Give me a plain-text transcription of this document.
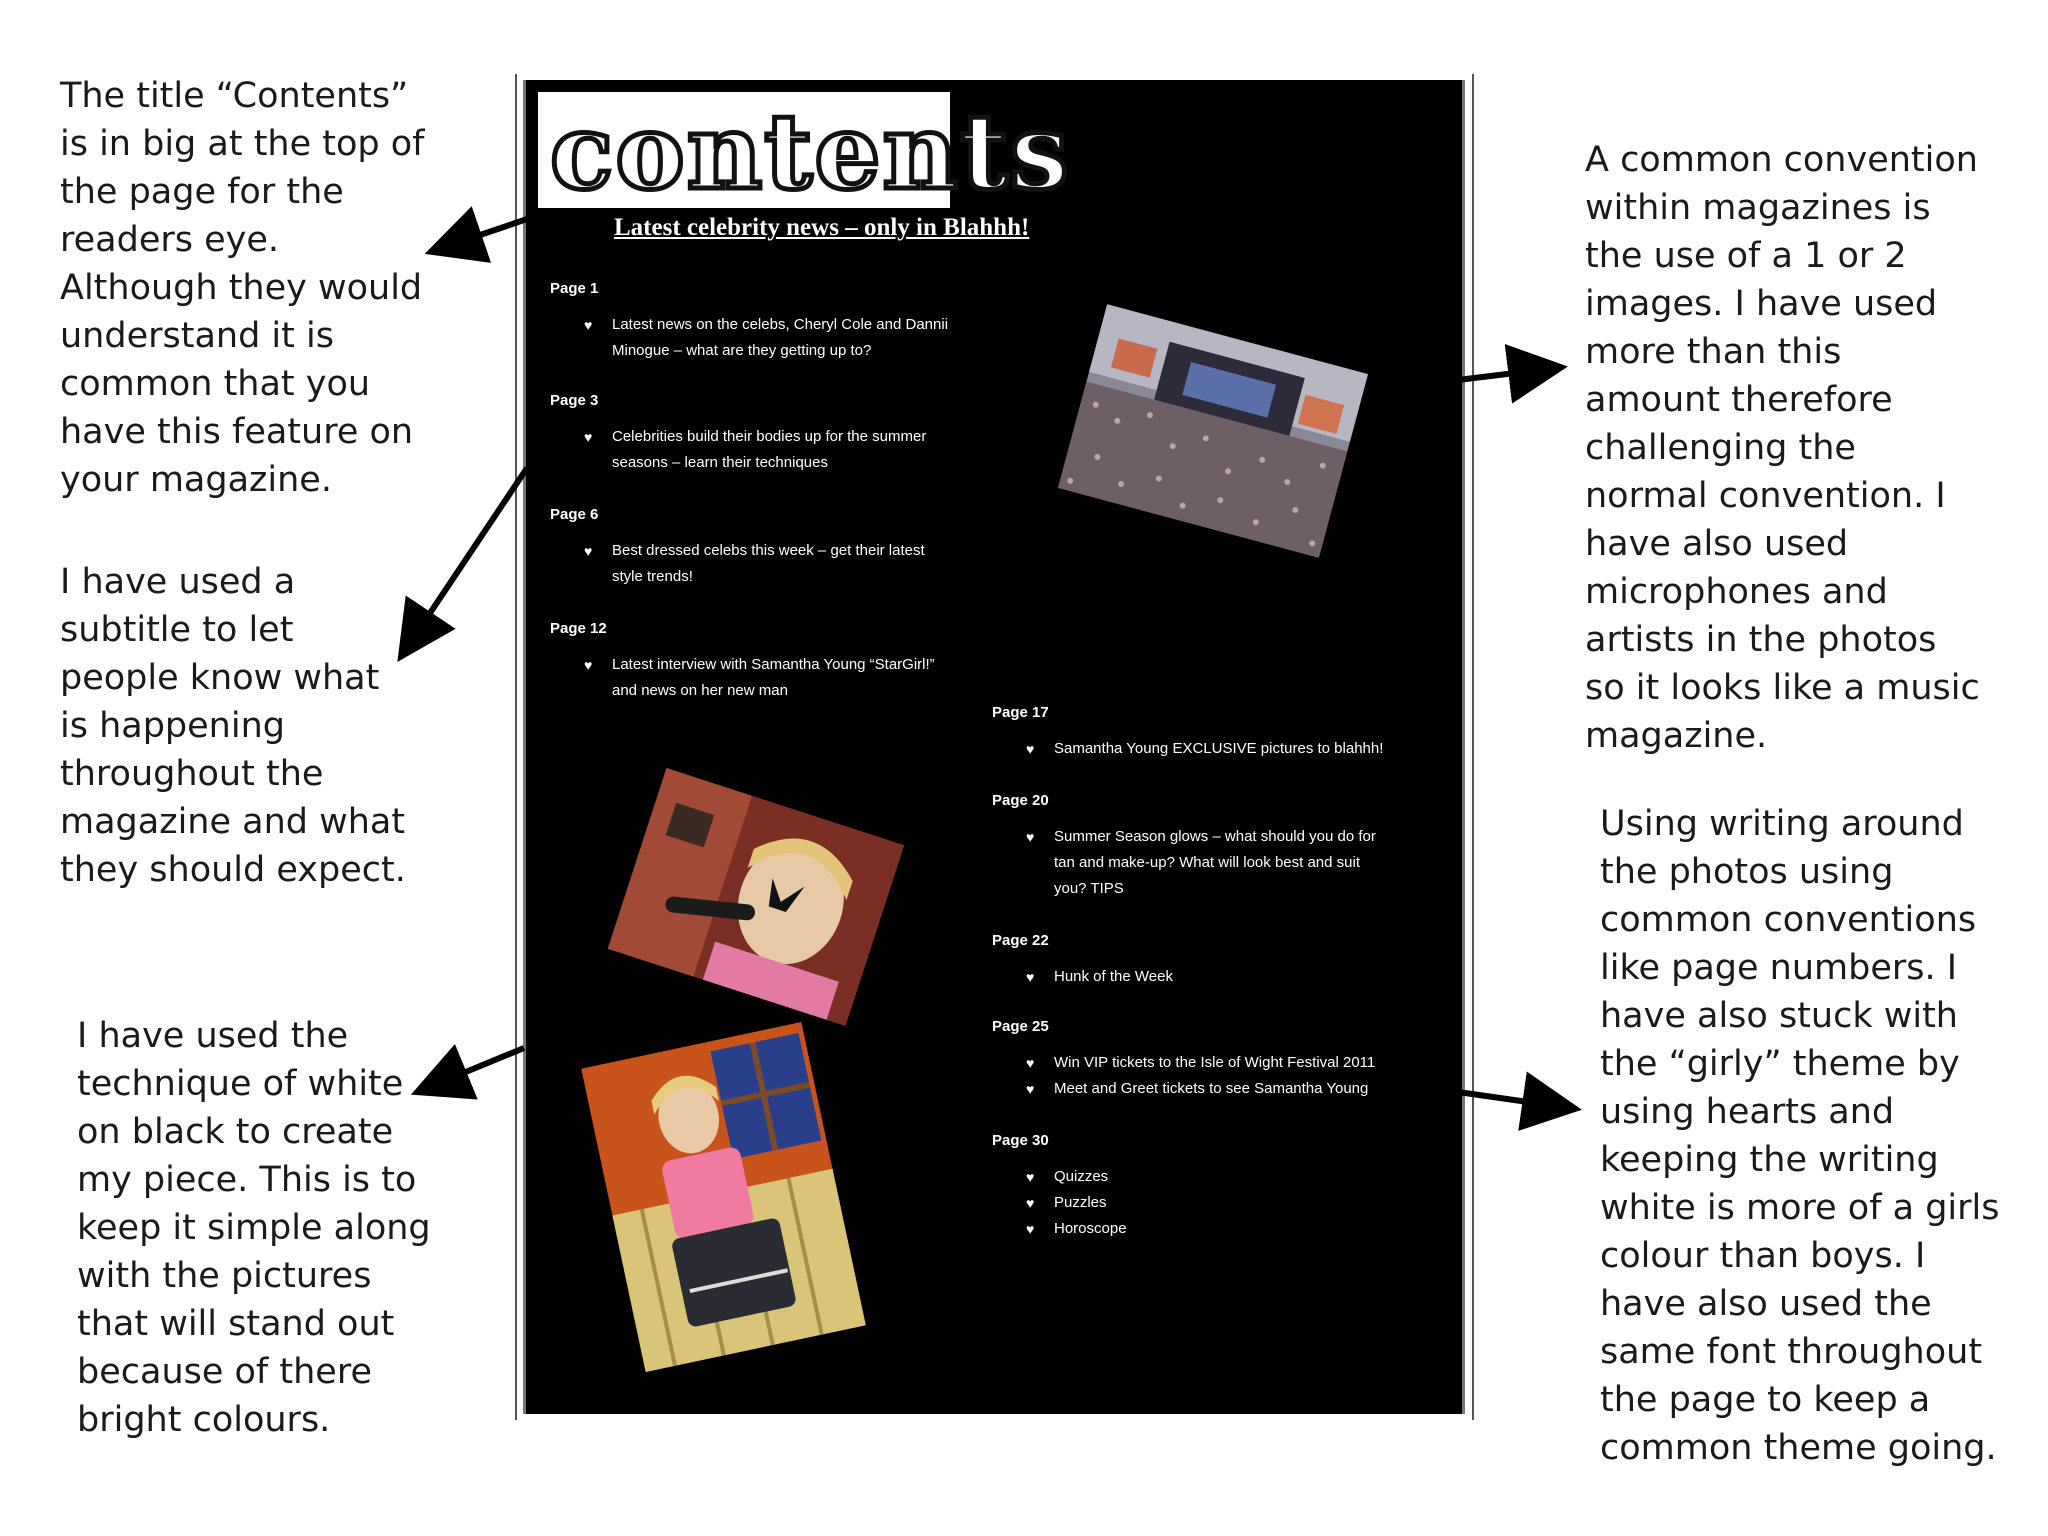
The title “Contents” is in big at the top of the page for the readers eye. Although they would understand it is common that you have this feature on your magazine.

I have used a subtitle to let people know what is happening throughout the magazine and what they should expect.

I have used the technique of white on black to create my piece. This is to keep it simple along with the pictures that will stand out because of there bright colours.

A common convention within magazines is the use of a 1 or 2 images. I have used more than this amount therefore challenging the normal convention. I have also used microphones and artists in the photos so it looks like a music magazine.

Using writing around the photos using common conventions like page numbers. I have also stuck with the “girly” theme by using hearts and keeping the writing white is more of a girls colour than boys. I have also used the same font throughout the page to keep a common theme going.

contents
Latest celebrity news – only in Blahhh!
Page 1
♥ Latest news on the celebs, Cheryl Cole and Dannii
Minogue – what are they getting up to?
Page 3
♥ Celebrities build their bodies up for the summer
seasons – learn their techniques
Page 6
♥ Best dressed celebs this week – get their latest
style trends!
Page 12
♥ Latest interview with Samantha Young “StarGirl!”
and news on her new man
Page 17
♥ Samantha Young EXCLUSIVE pictures to blahhh!
Page 20
♥ Summer Season glows – what should you do for
tan and make-up? What will look best and suit
you? TIPS
Page 22
♥ Hunk of the Week
Page 25
♥ Win VIP tickets to the Isle of Wight Festival 2011
♥ Meet and Greet tickets to see Samantha Young
Page 30
♥ Quizzes
♥ Puzzles
♥ Horoscope
